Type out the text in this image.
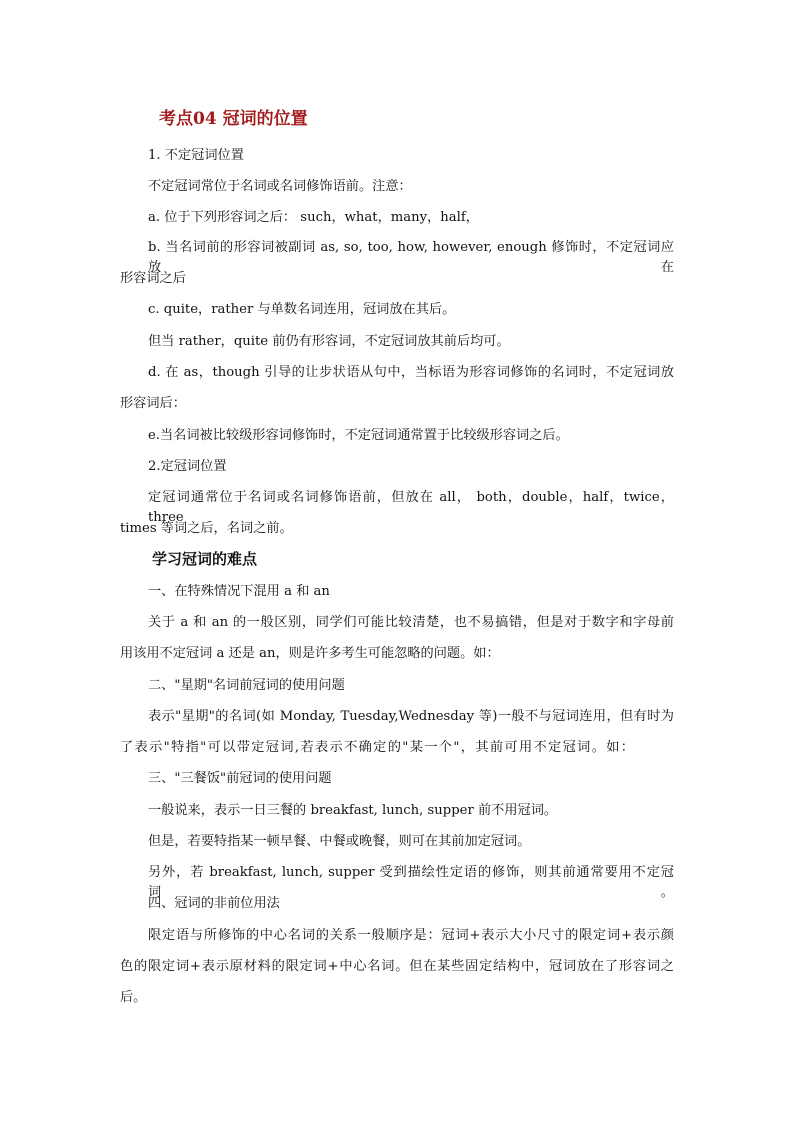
考点04 冠词的位置
1. 不定冠词位置
不定冠词常位于名词或名词修饰语前。注意：
a. 位于下列形容词之后： such，what，many，half，
b. 当名词前的形容词被副词 as, so, too, how, however, enough 修饰时，不定冠词应放在
形容词之后
c. quite，rather 与单数名词连用，冠词放在其后。
但当 rather，quite 前仍有形容词，不定冠词放其前后均可。
d. 在 as，though 引导的让步状语从句中，当标语为形容词修饰的名词时，不定冠词放
形容词后：
e.当名词被比较级形容词修饰时，不定冠词通常置于比较级形容词之后。
2.定冠词位置
定冠词通常位于名词或名词修饰语前，但放在 all， both，double，half，twice，three
times 等词之后，名词之前。
学习冠词的难点
一、在特殊情况下混用 a 和 an
关于 a 和 an 的一般区别，同学们可能比较清楚，也不易搞错，但是对于数字和字母前
用该用不定冠词 a 还是 an，则是许多考生可能忽略的问题。如：
二、"星期"名词前冠词的使用问题
表示"星期"的名词(如 Monday, Tuesday,Wednesday 等)一般不与冠词连用，但有时为
了表示"特指"可以带定冠词,若表示不确定的"某一个"，其前可用不定冠词。如：
三、"三餐饭"前冠词的使用问题
一般说来，表示一日三餐的 breakfast, lunch, supper 前不用冠词。
但是，若要特指某一顿早餐、中餐或晚餐，则可在其前加定冠词。
另外，若 breakfast, lunch, supper 受到描绘性定语的修饰，则其前通常要用不定冠词。
四、冠词的非前位用法
限定语与所修饰的中心名词的关系一般顺序是：冠词+表示大小尺寸的限定词+表示颜
色的限定词+表示原材料的限定词+中心名词。但在某些固定结构中，冠词放在了形容词之
后。
